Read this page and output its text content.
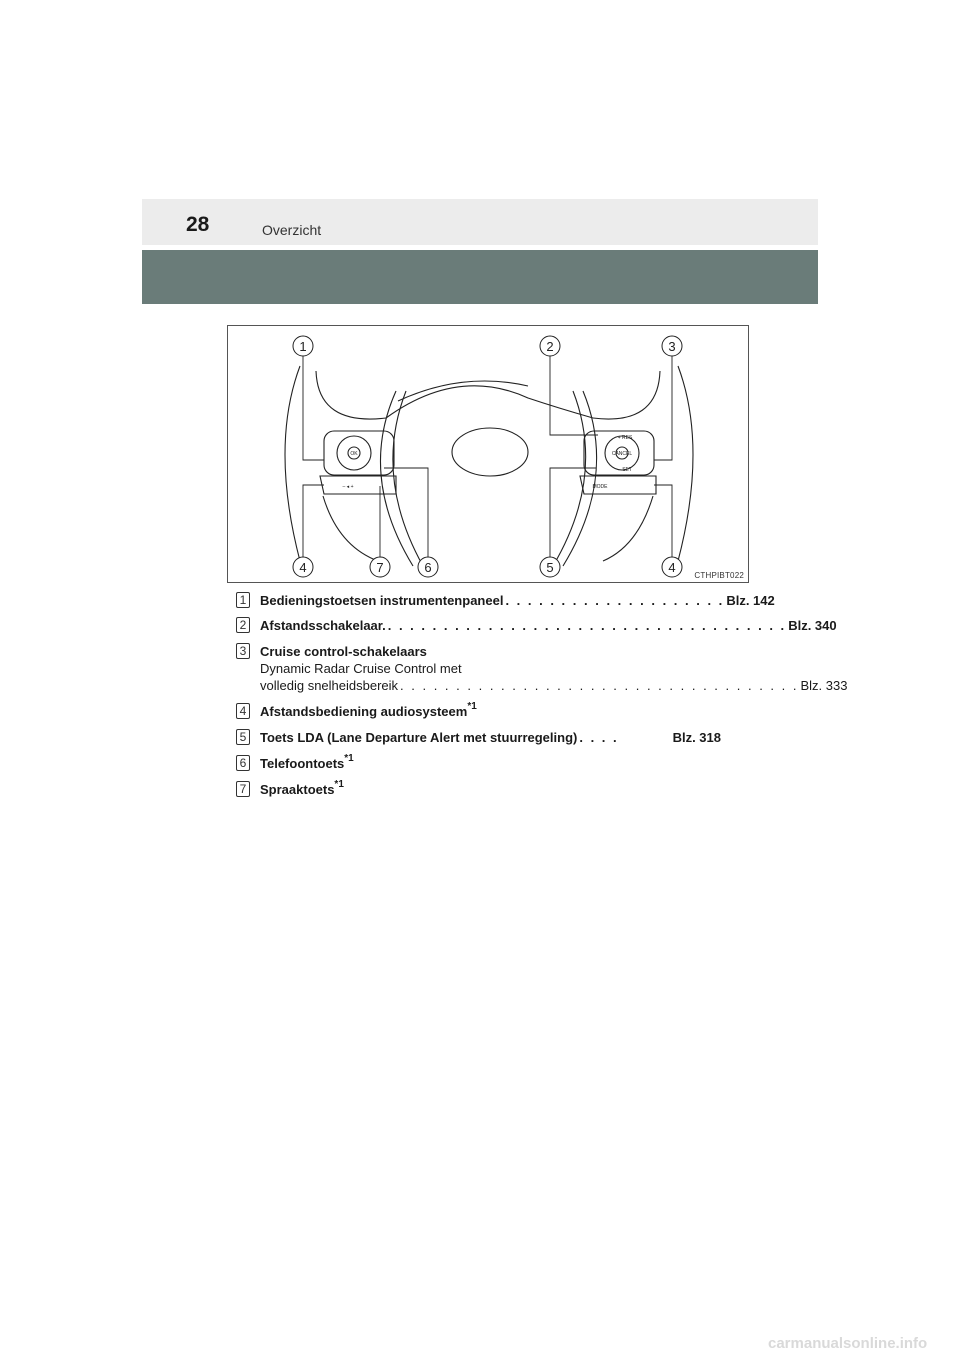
28	Overzicht
1	2	3
4	7	6	5	4
OK	CANCEL
+ RES
– SET
MODE
– ◂ +
CTHPIBT022
1 Bedieningstoetsen instrumentenpaneel . . . . . . . . . . . . . . . . . . . . Blz. 142
2 Afstandsschakelaar. . . . . . . . . . . . . . . . . . . . . . . . . . . . . . . . . . . . . Blz. 340
3 Cruise control-schakelaars
Dynamic Radar Cruise Control met
volledig snelheidsbereik . . . . . . . . . . . . . . . . . . . . . . . . . . . . . . . . . . . . Blz. 333
4 Afstandsbediening audiosysteem$^{*1}$
5 Toets LDA (Lane Departure Alert met stuurregeling) . . . .	Blz. 318
6 Telefoontoets$^{*1}$
7 Spraaktoets$^{*1}$
carmanualsonline.info
